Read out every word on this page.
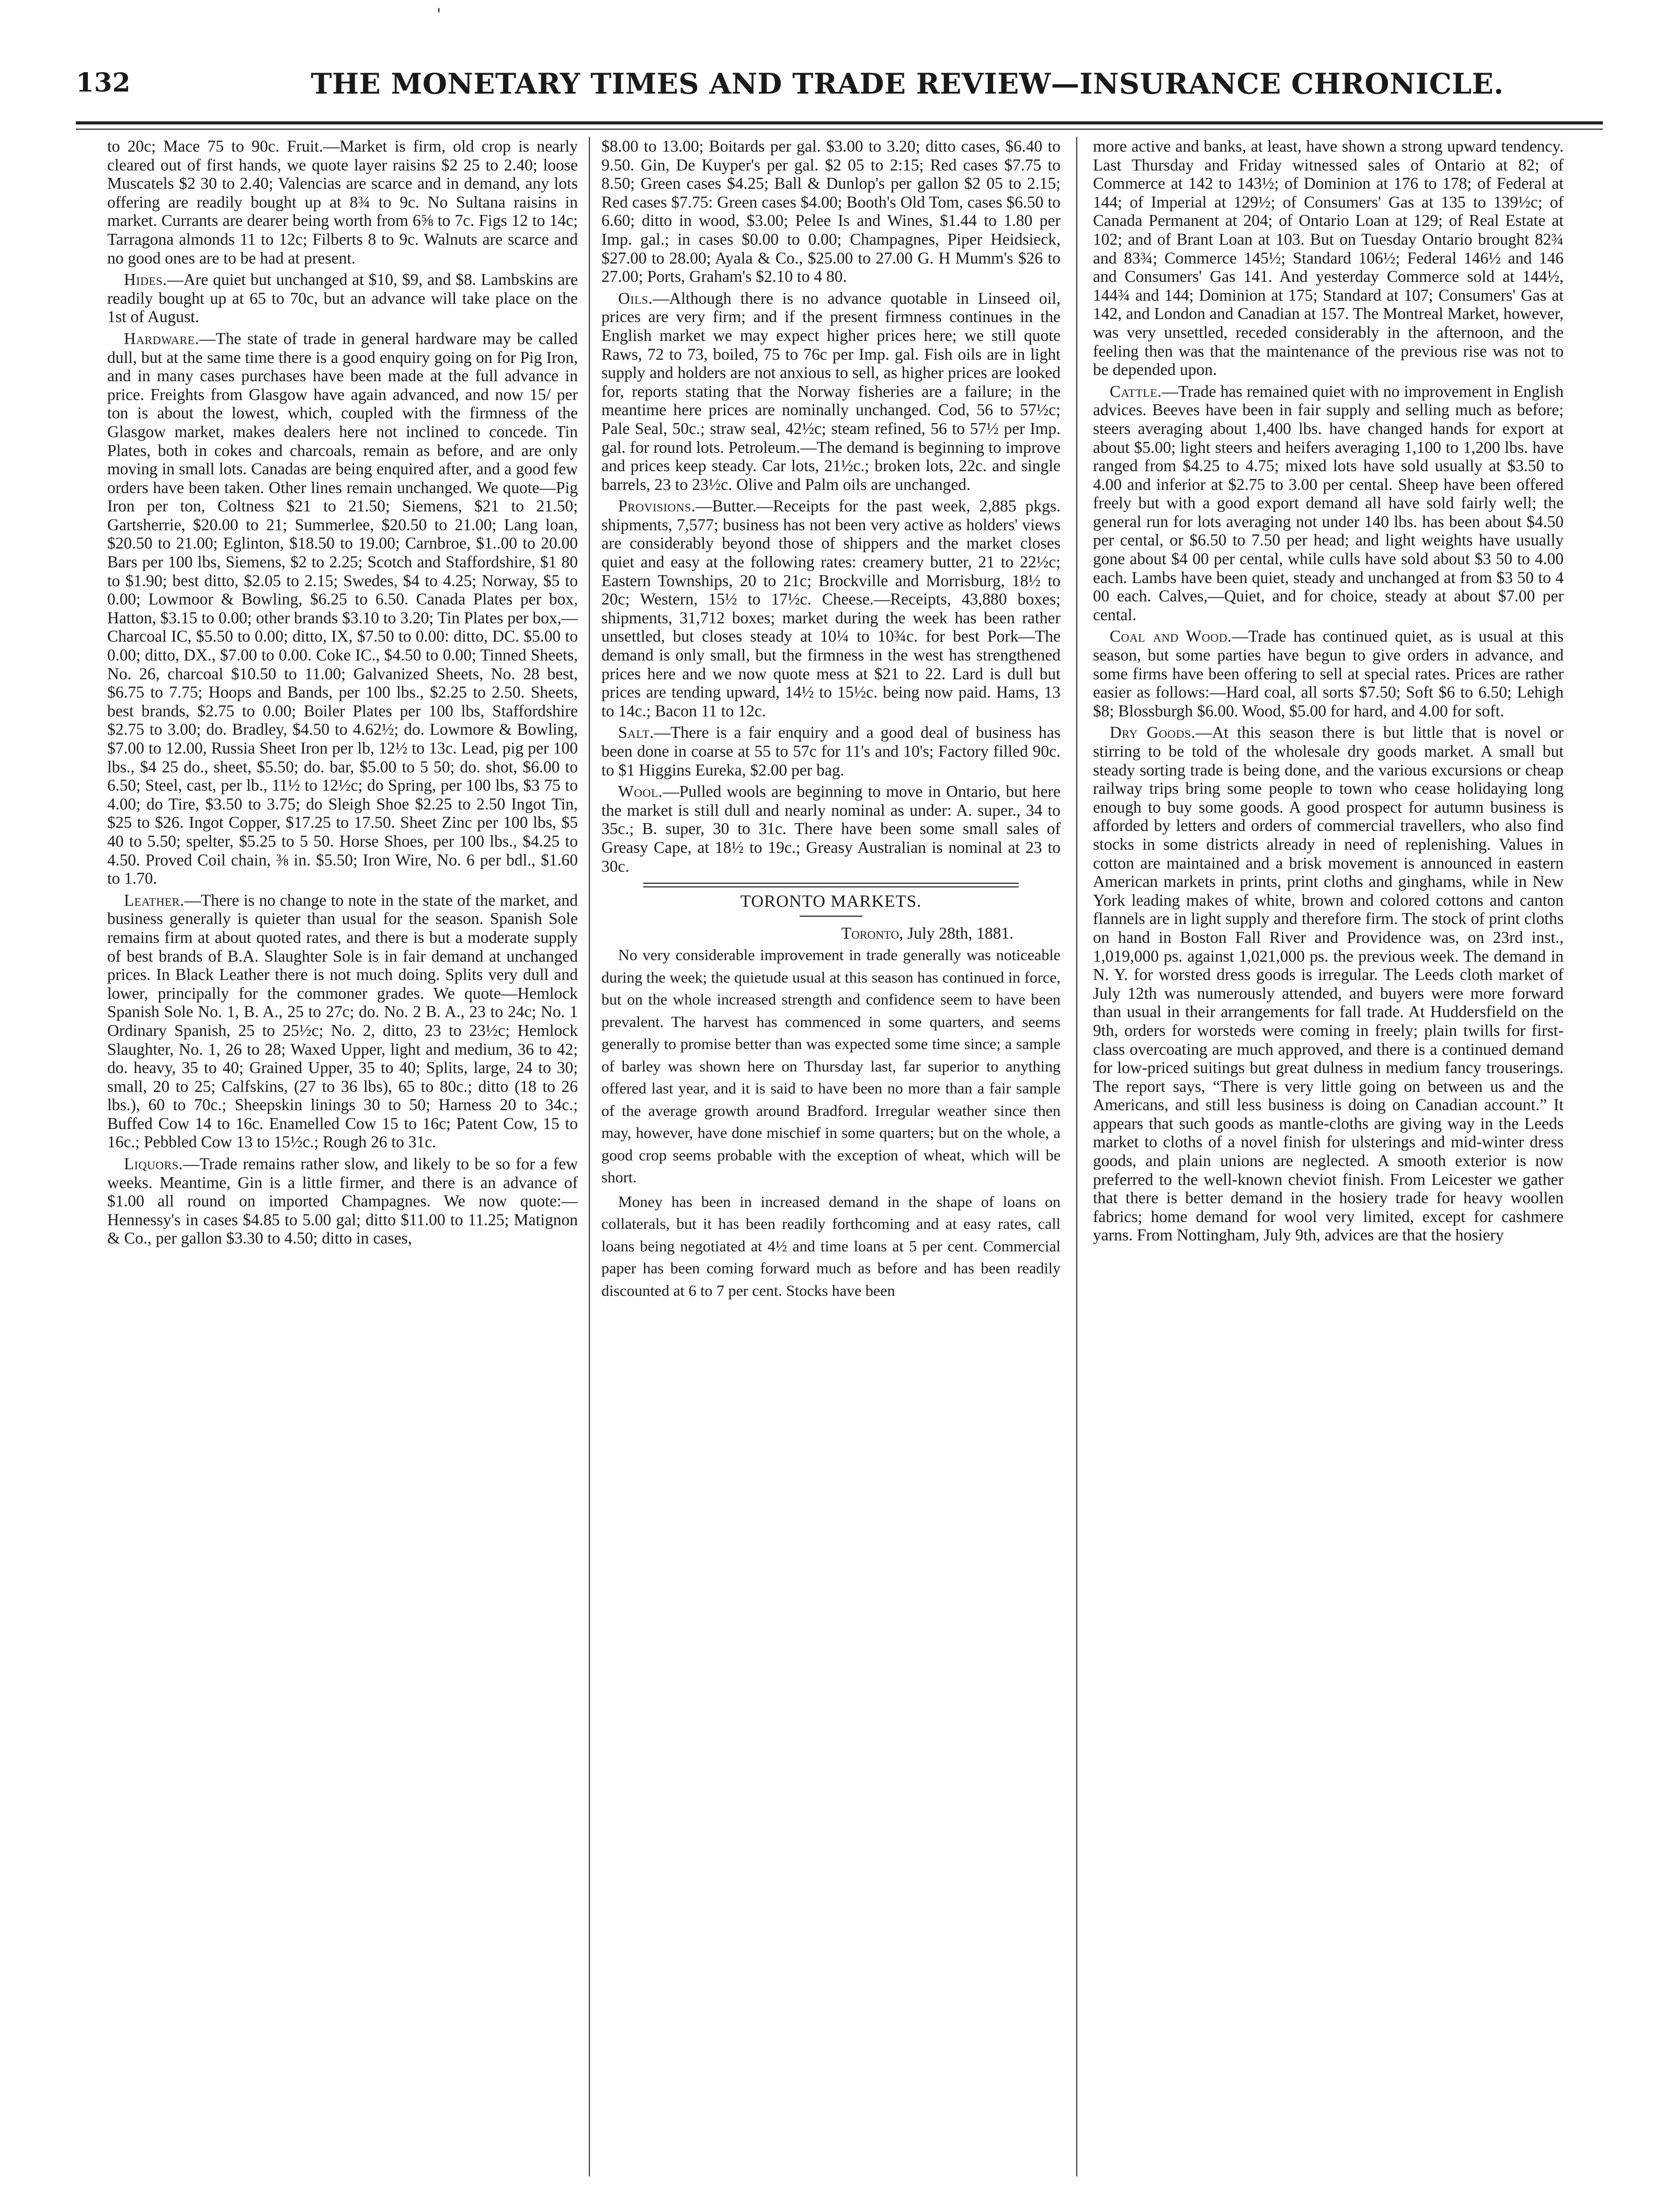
'
132	THE MONETARY TIMES AND TRADE REVIEW—INSURANCE CHRONICLE.

to 20c; Mace 75 to 90c. Fruit.—Market is firm, old crop is nearly cleared out of first hands, we quote layer raisins $2 25 to 2.40; loose Muscatels $2 30 to 2.40; Valencias are scarce and in demand, any lots offering are readily bought up at 8¾ to 9c. No Sultana raisins in market. Currants are dearer being worth from 6⅝ to 7c. Figs 12 to 14c; Tarragona almonds 11 to 12c; Filberts 8 to 9c. Walnuts are scarce and no good ones are to be had at present.

Hides.—Are quiet but unchanged at $10, $9, and $8. Lambskins are readily bought up at 65 to 70c, but an advance will take place on the 1st of August.

Hardware.—The state of trade in general hardware may be called dull, but at the same time there is a good enquiry going on for Pig Iron, and in many cases purchases have been made at the full advance in price. Freights from Glasgow have again advanced, and now 15/ per ton is about the lowest, which, coupled with the firmness of the Glasgow market, makes dealers here not inclined to concede. Tin Plates, both in cokes and charcoals, remain as before, and are only moving in small lots. Canadas are being enquired after, and a good few orders have been taken. Other lines remain unchanged. We quote—Pig Iron per ton, Coltness $21 to 21.50; Siemens, $21 to 21.50; Gartsherrie, $20.00 to 21; Summerlee, $20.50 to 21.00; Lang loan, $20.50 to 21.00; Eglinton, $18.50 to 19.00; Carnbroe, $1..00 to 20.00 Bars per 100 lbs, Siemens, $2 to 2.25; Scotch and Staffordshire, $1 80 to $1.90; best ditto, $2.05 to 2.15; Swedes, $4 to 4.25; Norway, $5 to 0.00; Lowmoor & Bowling, $6.25 to 6.50. Canada Plates per box, Hatton, $3.15 to 0.00; other brands $3.10 to 3.20; Tin Plates per box,—Charcoal IC, $5.50 to 0.00; ditto, IX, $7.50 to 0.00: ditto, DC. $5.00 to 0.00; ditto, DX., $7.00 to 0.00. Coke IC., $4.50 to 0.00; Tinned Sheets, No. 26, charcoal $10.50 to 11.00; Galvanized Sheets, No. 28 best, $6.75 to 7.75; Hoops and Bands, per 100 lbs., $2.25 to 2.50. Sheets, best brands, $2.75 to 0.00; Boiler Plates per 100 lbs, Staffordshire $2.75 to 3.00; do. Bradley, $4.50 to 4.62½; do. Lowmore & Bowling, $7.00 to 12.00, Russia Sheet Iron per lb, 12½ to 13c. Lead, pig per 100 lbs., $4 25 do., sheet, $5.50; do. bar, $5.00 to 5 50; do. shot, $6.00 to 6.50; Steel, cast, per lb., 11½ to 12½c; do Spring, per 100 lbs, $3 75 to 4.00; do Tire, $3.50 to 3.75; do Sleigh Shoe $2.25 to 2.50 Ingot Tin, $25 to $26. Ingot Copper, $17.25 to 17.50. Sheet Zinc per 100 lbs, $5 40 to 5.50; spelter, $5.25 to 5 50. Horse Shoes, per 100 lbs., $4.25 to 4.50. Proved Coil chain, ⅜ in. $5.50; Iron Wire, No. 6 per bdl., $1.60 to 1.70.

Leather.—There is no change to note in the state of the market, and business generally is quieter than usual for the season. Spanish Sole remains firm at about quoted rates, and there is but a moderate supply of best brands of B.A. Slaughter Sole is in fair demand at unchanged prices. In Black Leather there is not much doing. Splits very dull and lower, principally for the commoner grades. We quote—Hemlock Spanish Sole No. 1, B. A., 25 to 27c; do. No. 2 B. A., 23 to 24c; No. 1 Ordinary Spanish, 25 to 25½c; No. 2, ditto, 23 to 23½c; Hemlock Slaughter, No. 1, 26 to 28; Waxed Upper, light and medium, 36 to 42; do. heavy, 35 to 40; Grained Upper, 35 to 40; Splits, large, 24 to 30; small, 20 to 25; Calfskins, (27 to 36 lbs), 65 to 80c.; ditto (18 to 26 lbs.), 60 to 70c.; Sheepskin linings 30 to 50; Harness 20 to 34c.; Buffed Cow 14 to 16c. Enamelled Cow 15 to 16c; Patent Cow, 15 to 16c.; Pebbled Cow 13 to 15½c.; Rough 26 to 31c.

Liquors.—Trade remains rather slow, and likely to be so for a few weeks. Meantime, Gin is a little firmer, and there is an advance of $1.00 all round on imported Champagnes. We now quote:—Hennessy's in cases $4.85 to 5.00 gal; ditto $11.00 to 11.25; Matignon & Co., per gallon $3.30 to 4.50; ditto in cases,

$8.00 to 13.00; Boitards per gal. $3.00 to 3.20; ditto cases, $6.40 to 9.50. Gin, De Kuyper's per gal. $2 05 to 2:15; Red cases $7.75 to 8.50; Green cases $4.25; Ball & Dunlop's per gallon $2 05 to 2.15; Red cases $7.75: Green cases $4.00; Booth's Old Tom, cases $6.50 to 6.60; ditto in wood, $3.00; Pelee Is and Wines, $1.44 to 1.80 per Imp. gal.; in cases $0.00 to 0.00; Champagnes, Piper Heidsieck, $27.00 to 28.00; Ayala & Co., $25.00 to 27.00 G. H Mumm's $26 to 27.00; Ports, Graham's $2.10 to 4 80.

Oils.—Although there is no advance quotable in Linseed oil, prices are very firm; and if the present firmness continues in the English market we may expect higher prices here; we still quote Raws, 72 to 73, boiled, 75 to 76c per Imp. gal. Fish oils are in light supply and holders are not anxious to sell, as higher prices are looked for, reports stating that the Norway fisheries are a failure; in the meantime here prices are nominally unchanged. Cod, 56 to 57½c; Pale Seal, 50c.; straw seal, 42½c; steam refined, 56 to 57½ per Imp. gal. for round lots. Petroleum.—The demand is beginning to improve and prices keep steady. Car lots, 21½c.; broken lots, 22c. and single barrels, 23 to 23½c. Olive and Palm oils are unchanged.

Provisions.—Butter.—Receipts for the past week, 2,885 pkgs. shipments, 7,577; business has not been very active as holders' views are considerably beyond those of shippers and the market closes quiet and easy at the following rates: creamery butter, 21 to 22½c; Eastern Townships, 20 to 21c; Brockville and Morrisburg, 18½ to 20c; Western, 15½ to 17½c. Cheese.—Receipts, 43,880 boxes; shipments, 31,712 boxes; market during the week has been rather unsettled, but closes steady at 10¼ to 10¾c. for best Pork—The demand is only small, but the firmness in the west has strengthened prices here and we now quote mess at $21 to 22. Lard is dull but prices are tending upward, 14½ to 15½c. being now paid. Hams, 13 to 14c.; Bacon 11 to 12c.

Salt.—There is a fair enquiry and a good deal of business has been done in coarse at 55 to 57c for 11's and 10's; Factory filled 90c. to $1 Higgins Eureka, $2.00 per bag.

Wool.—Pulled wools are beginning to move in Ontario, but here the market is still dull and nearly nominal as under: A. super., 34 to 35c.; B. super, 30 to 31c. There have been some small sales of Greasy Cape, at 18½ to 19c.; Greasy Australian is nominal at 23 to 30c.

TORONTO MARKETS.

Toronto, July 28th, 1881.

No very considerable improvement in trade generally was noticeable during the week; the quietude usual at this season has continued in force, but on the whole increased strength and confidence seem to have been prevalent. The harvest has commenced in some quarters, and seems generally to promise better than was expected some time since; a sample of barley was shown here on Thursday last, far superior to anything offered last year, and it is said to have been no more than a fair sample of the average growth around Bradford. Irregular weather since then may, however, have done mischief in some quarters; but on the whole, a good crop seems probable with the exception of wheat, which will be short.

Money has been in increased demand in the shape of loans on collaterals, but it has been readily forthcoming and at easy rates, call loans being negotiated at 4½ and time loans at 5 per cent. Commercial paper has been coming forward much as before and has been readily discounted at 6 to 7 per cent. Stocks have been

more active and banks, at least, have shown a strong upward tendency. Last Thursday and Friday witnessed sales of Ontario at 82; of Commerce at 142 to 143½; of Dominion at 176 to 178; of Federal at 144; of Imperial at 129½; of Consumers' Gas at 135 to 139½c; of Canada Permanent at 204; of Ontario Loan at 129; of Real Estate at 102; and of Brant Loan at 103. But on Tuesday Ontario brought 82¾ and 83¾; Commerce 145½; Standard 106½; Federal 146½ and 146 and Consumers' Gas 141. And yesterday Commerce sold at 144½, 144¾ and 144; Dominion at 175; Standard at 107; Consumers' Gas at 142, and London and Canadian at 157. The Montreal Market, however, was very unsettled, receded considerably in the afternoon, and the feeling then was that the maintenance of the previous rise was not to be depended upon.

Cattle.—Trade has remained quiet with no improvement in English advices. Beeves have been in fair supply and selling much as before; steers averaging about 1,400 lbs. have changed hands for export at about $5.00; light steers and heifers averaging 1,100 to 1,200 lbs. have ranged from $4.25 to 4.75; mixed lots have sold usually at $3.50 to 4.00 and inferior at $2.75 to 3.00 per cental. Sheep have been offered freely but with a good export demand all have sold fairly well; the general run for lots averaging not under 140 lbs. has been about $4.50 per cental, or $6.50 to 7.50 per head; and light weights have usually gone about $4 00 per cental, while culls have sold about $3 50 to 4.00 each. Lambs have been quiet, steady and unchanged at from $3 50 to 4 00 each. Calves,—Quiet, and for choice, steady at about $7.00 per cental.

Coal and Wood.—Trade has continued quiet, as is usual at this season, but some parties have begun to give orders in advance, and some firms have been offering to sell at special rates. Prices are rather easier as follows:—Hard coal, all sorts $7.50; Soft $6 to 6.50; Lehigh $8; Blossburgh $6.00. Wood, $5.00 for hard, and 4.00 for soft.

Dry Goods.—At this season there is but little that is novel or stirring to be told of the wholesale dry goods market. A small but steady sorting trade is being done, and the various excursions or cheap railway trips bring some people to town who cease holidaying long enough to buy some goods. A good prospect for autumn business is afforded by letters and orders of commercial travellers, who also find stocks in some districts already in need of replenishing. Values in cotton are maintained and a brisk movement is announced in eastern American markets in prints, print cloths and ginghams, while in New York leading makes of white, brown and colored cottons and canton flannels are in light supply and therefore firm. The stock of print cloths on hand in Boston Fall River and Providence was, on 23rd inst., 1,019,000 ps. against 1,021,000 ps. the previous week. The demand in N. Y. for worsted dress goods is irregular. The Leeds cloth market of July 12th was numerously attended, and buyers were more forward than usual in their arrangements for fall trade. At Huddersfield on the 9th, orders for worsteds were coming in freely; plain twills for first-class overcoating are much approved, and there is a continued demand for low-priced suitings but great dulness in medium fancy trouserings. The report says, “There is very little going on between us and the Americans, and still less business is doing on Canadian account.” It appears that such goods as mantle-cloths are giving way in the Leeds market to cloths of a novel finish for ulsterings and mid-winter dress goods, and plain unions are neglected. A smooth exterior is now preferred to the well-known cheviot finish. From Leicester we gather that there is better demand in the hosiery trade for heavy woollen fabrics; home demand for wool very limited, except for cashmere yarns. From Nottingham, July 9th, advices are that the hosiery
